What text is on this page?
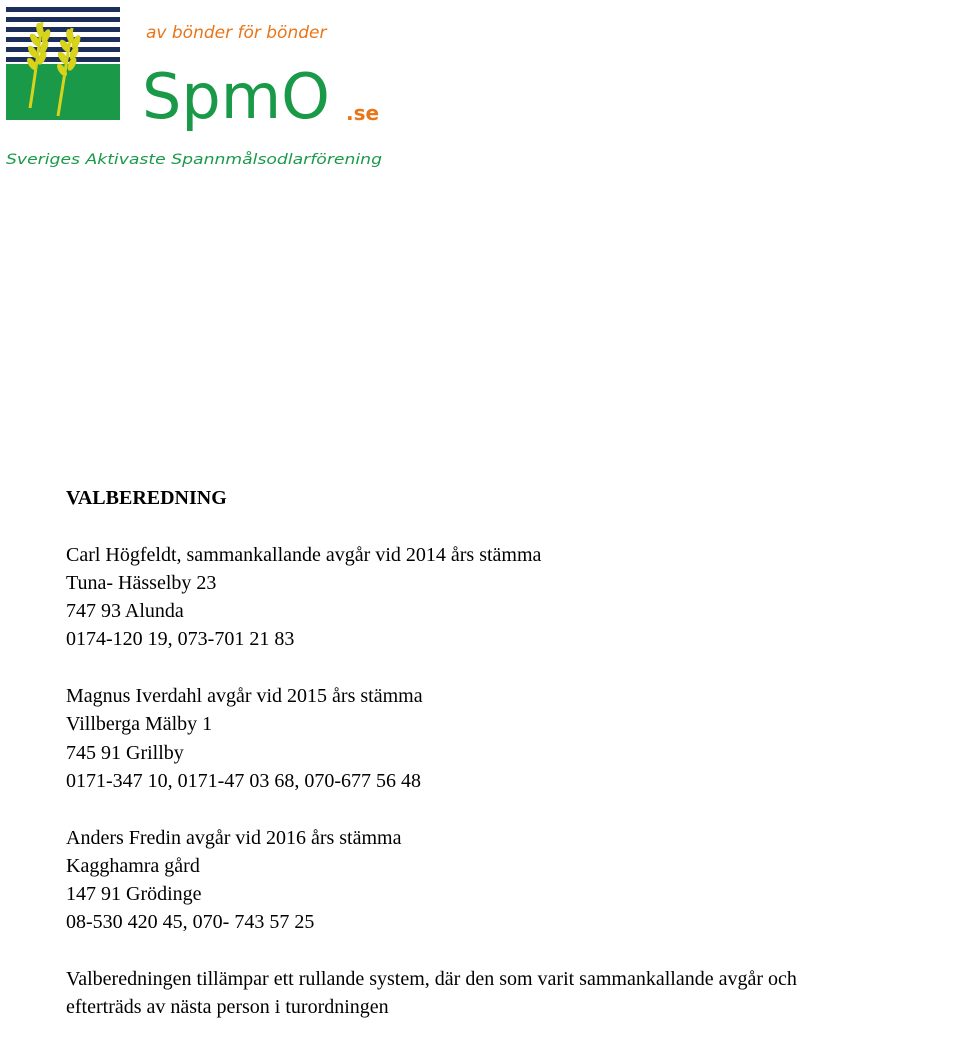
av bönder för bönder
SpmO .se
Sveriges Aktivaste Spannmålsodlarförening
VALBEREDNING
Carl Högfeldt, sammankallande avgår vid 2014 års stämma
Tuna- Hässelby 23
747 93 Alunda
0174-120 19, 073-701 21 83
Magnus Iverdahl avgår vid 2015 års stämma
Villberga Mälby 1
745 91 Grillby
0171-347 10, 0171-47 03 68, 070-677 56 48
Anders Fredin avgår vid 2016 års stämma
Kagghamra gård
147 91 Grödinge
08-530 420 45, 070- 743 57 25
Valberedningen tillämpar ett rullande system, där den som varit sammankallande avgår och
efterträds av nästa person i turordningen
